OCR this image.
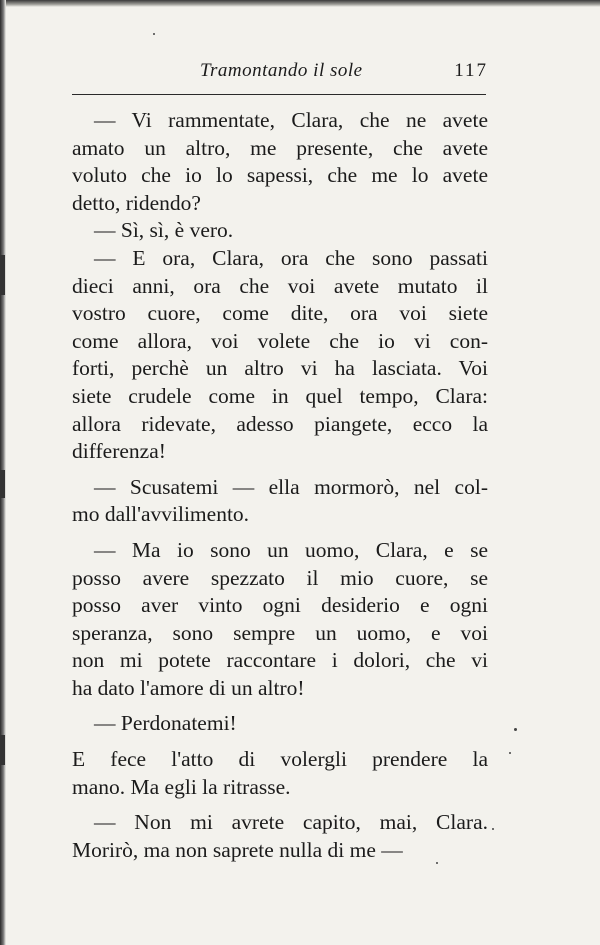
Tramontando il sole	117
— Vi rammentate, Clara, che ne avete
amato un altro, me presente, che avete
voluto che io lo sapessi, che me lo avete
detto, ridendo?
— Sì, sì, è vero.
— E ora, Clara, ora che sono passati
dieci anni, ora che voi avete mutato il
vostro cuore, come dite, ora voi siete
come allora, voi volete che io vi con-
forti, perchè un altro vi ha lasciata. Voi
siete crudele come in quel tempo, Clara:
allora ridevate, adesso piangete, ecco la
differenza!
— Scusatemi — ella mormorò, nel col-
mo dall'avvilimento.
— Ma io sono un uomo, Clara, e se
posso avere spezzato il mio cuore, se
posso aver vinto ogni desiderio e ogni
speranza, sono sempre un uomo, e voi
non mi potete raccontare i dolori, che vi
ha dato l'amore di un altro!
— Perdonatemi!
E fece l'atto di volergli prendere la
mano. Ma egli la ritrasse.
— Non mi avrete capito, mai, Clara.
Morirò, ma non saprete nulla di me —
